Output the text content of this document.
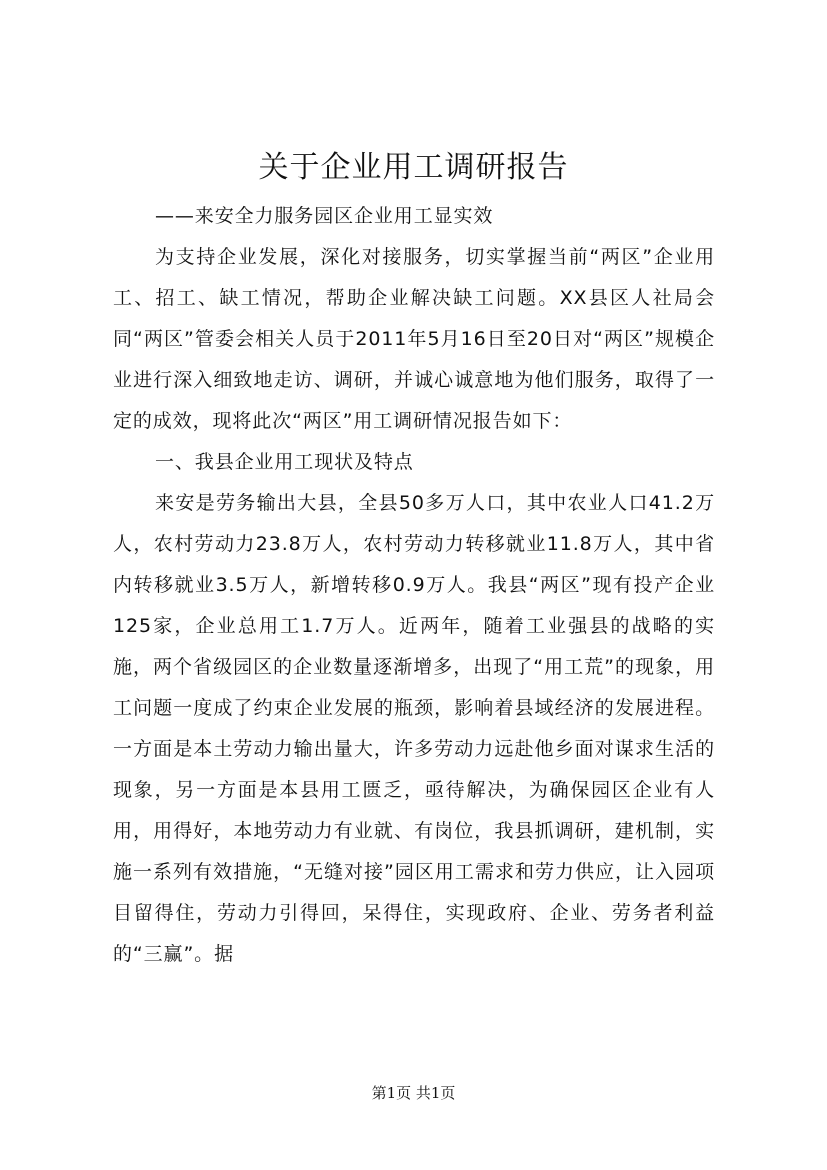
关于企业用工调研报告

——来安全力服务园区企业用工显实效

为支持企业发展，深化对接服务，切实掌握当前“两区”企业用工、招工、缺工情况，帮助企业解决缺工问题。XX县区人社局会同“两区”管委会相关人员于2011年5月16日至20日对“两区”规模企业进行深入细致地走访、调研，并诚心诚意地为他们服务，取得了一定的成效，现将此次“两区”用工调研情况报告如下：

一、我县企业用工现状及特点

来安是劳务输出大县，全县50多万人口，其中农业人口41.2万人，农村劳动力23.8万人，农村劳动力转移就业11.8万人，其中省内转移就业3.5万人，新增转移0.9万人。我县“两区”现有投产企业125家，企业总用工1.7万人。近两年，随着工业强县的战略的实施，两个省级园区的企业数量逐渐增多，出现了“用工荒”的现象，用工问题一度成了约束企业发展的瓶颈，影响着县域经济的发展进程。一方面是本土劳动力输出量大，许多劳动力远赴他乡面对谋求生活的现象，另一方面是本县用工匮乏，亟待解决，为确保园区企业有人用，用得好，本地劳动力有业就、有岗位，我县抓调研，建机制，实施一系列有效措施，“无缝对接”园区用工需求和劳力供应，让入园项目留得住，劳动力引得回，呆得住，实现政府、企业、劳务者利益的“三赢”。据

第1页 共1页
